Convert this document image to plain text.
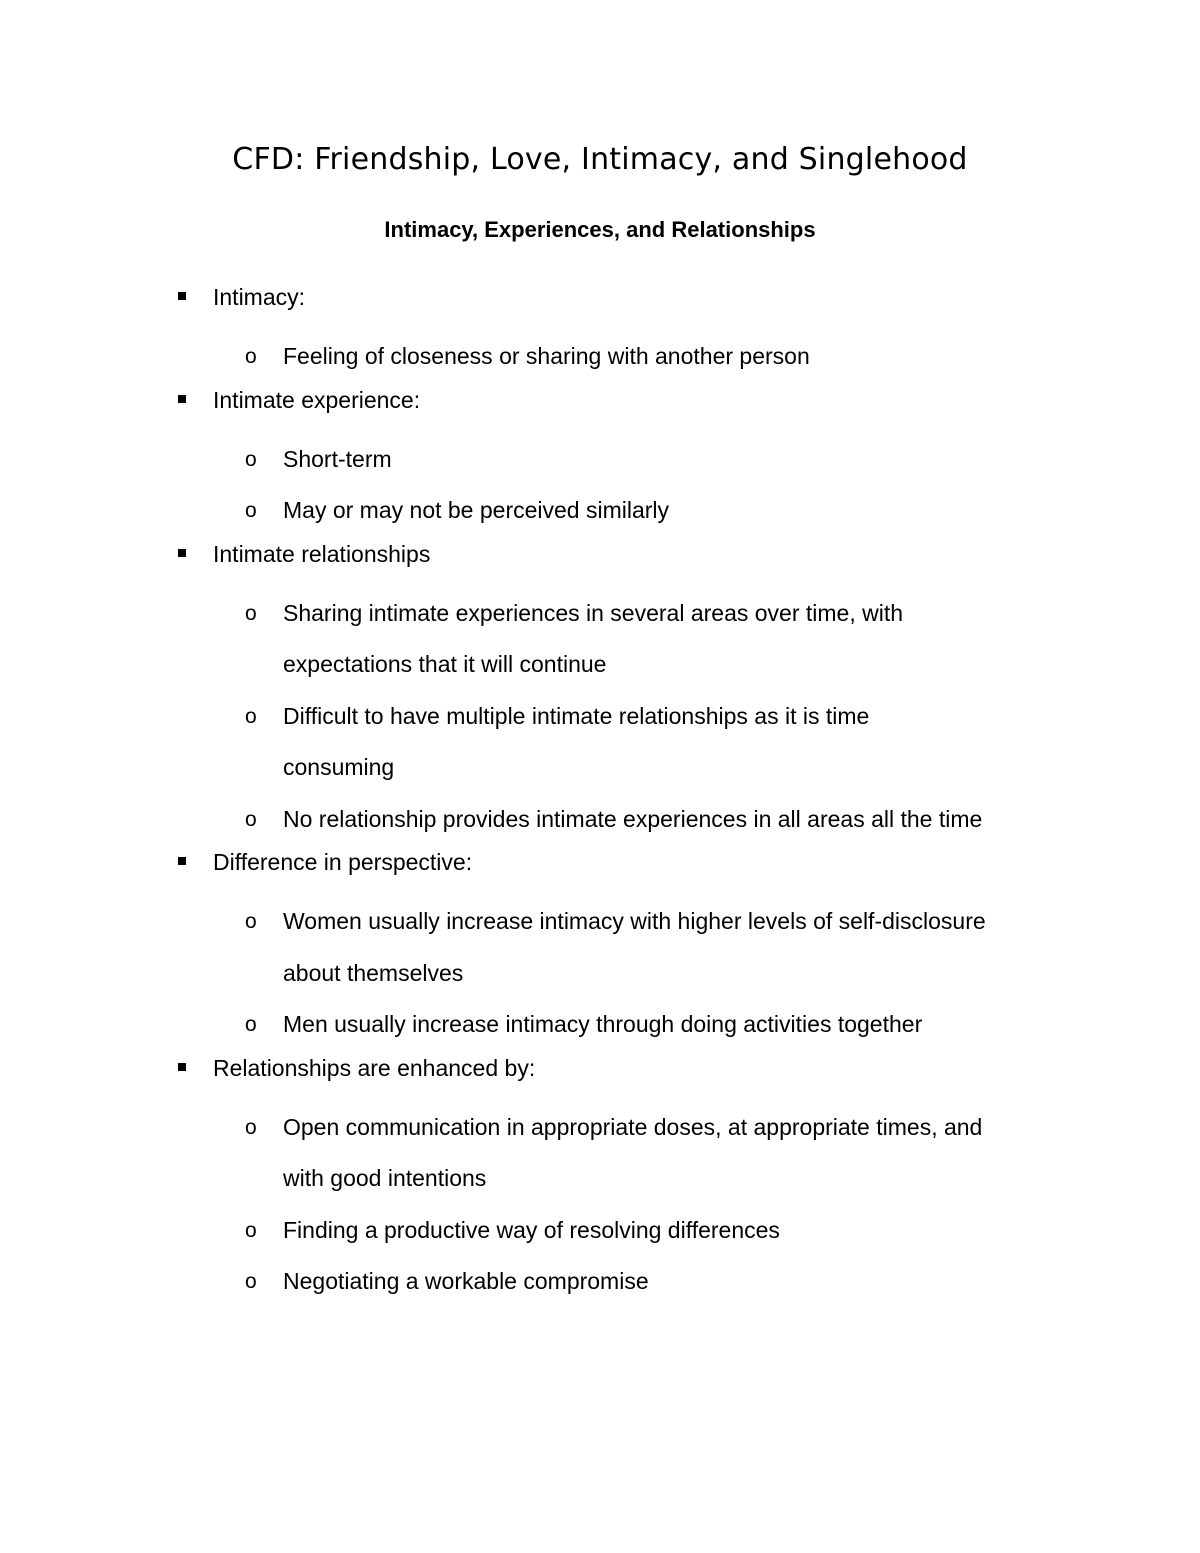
CFD: Friendship, Love, Intimacy, and Singlehood
Intimacy, Experiences, and Relationships
Intimacy:
o Feeling of closeness or sharing with another person
Intimate experience:
o Short-term
o May or may not be perceived similarly
Intimate relationships
o Sharing intimate experiences in several areas over time, with
expectations that it will continue
o Difficult to have multiple intimate relationships as it is time
consuming
o No relationship provides intimate experiences in all areas all the time
Difference in perspective:
o Women usually increase intimacy with higher levels of self-disclosure
about themselves
o Men usually increase intimacy through doing activities together
Relationships are enhanced by:
o Open communication in appropriate doses, at appropriate times, and
with good intentions
o Finding a productive way of resolving differences
o Negotiating a workable compromise
